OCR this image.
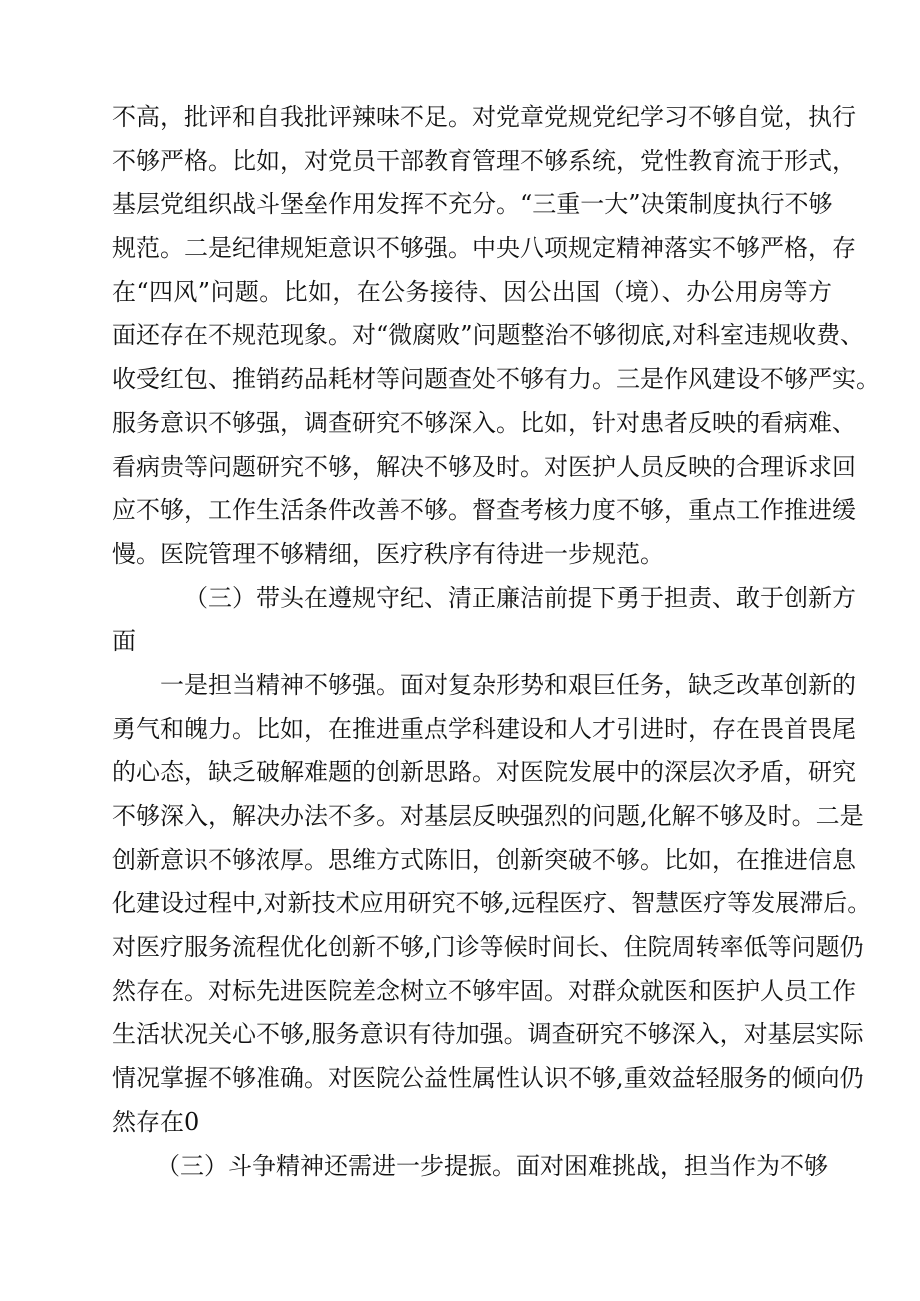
不高，批评和自我批评辣味不足。对党章党规党纪学习不够自觉，执行
不够严格。比如，对党员干部教育管理不够系统，党性教育流于形式，
基层党组织战斗堡垒作用发挥不充分。“三重一大”决策制度执行不够
规范。二是纪律规矩意识不够强。中央八项规定精神落实不够严格，存
在“四风”问题。比如，在公务接待、因公出国（境）、办公用房等方
面还存在不规范现象。对“微腐败”问题整治不够彻底,对科室违规收费、
收受红包、推销药品耗材等问题查处不够有力。三是作风建设不够严实。
服务意识不够强，调查研究不够深入。比如，针对患者反映的看病难、
看病贵等问题研究不够，解决不够及时。对医护人员反映的合理诉求回
应不够，工作生活条件改善不够。督查考核力度不够，重点工作推进缓
慢。医院管理不够精细，医疗秩序有待进一步规范。
（三）带头在遵规守纪、清正廉洁前提下勇于担责、敢于创新方
面
一是担当精神不够强。面对复杂形势和艰巨任务，缺乏改革创新的
勇气和魄力。比如，在推进重点学科建设和人才引进时，存在畏首畏尾
的心态，缺乏破解难题的创新思路。对医院发展中的深层次矛盾，研究
不够深入，解决办法不多。对基层反映强烈的问题,化解不够及时。二是
创新意识不够浓厚。思维方式陈旧，创新突破不够。比如，在推进信息
化建设过程中,对新技术应用研究不够,远程医疗、智慧医疗等发展滞后。
对医疗服务流程优化创新不够,门诊等候时间长、住院周转率低等问题仍
然存在。对标先进医院差念树立不够牢固。对群众就医和医护人员工作
生活状况关心不够,服务意识有待加强。调查研究不够深入，对基层实际
情况掌握不够准确。对医院公益性属性认识不够,重效益轻服务的倾向仍
然存在0
（三）斗争精神还需进一步提振。面对困难挑战，担当作为不够
